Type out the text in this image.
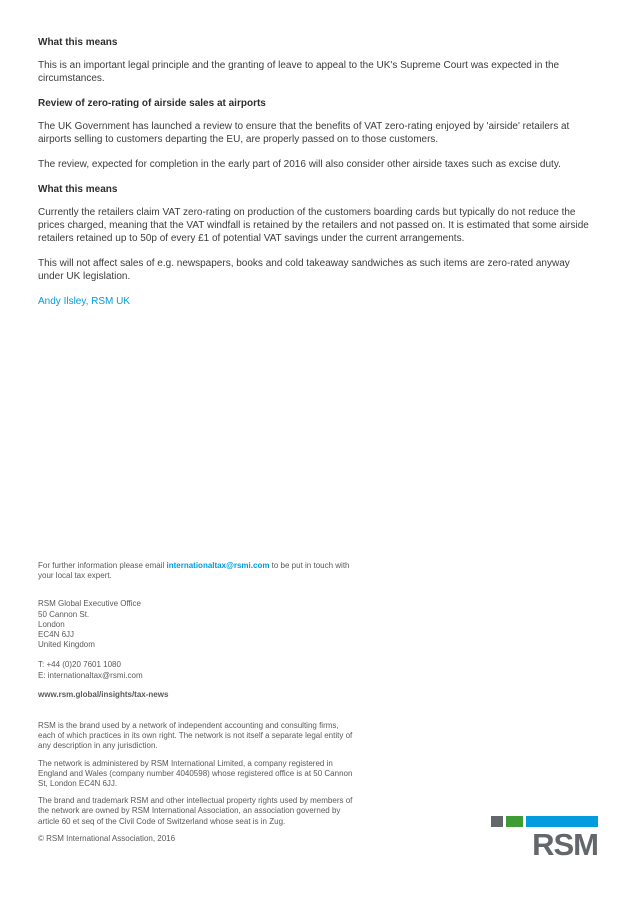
What this means

This is an important legal principle and the granting of leave to appeal to the UK's Supreme Court was expected in the circumstances.

Review of zero-rating of airside sales at airports

The UK Government has launched a review to ensure that the benefits of VAT zero-rating enjoyed by 'airside' retailers at airports selling to customers departing the EU, are properly passed on to those customers.

The review, expected for completion in the early part of 2016 will also consider other airside taxes such as excise duty.

What this means

Currently the retailers claim VAT zero-rating on production of the customers boarding cards but typically do not reduce the prices charged, meaning that the VAT windfall is retained by the retailers and not passed on. It is estimated that some airside retailers retained up to 50p of every £1 of potential VAT savings under the current arrangements.

This will not affect sales of e.g. newspapers, books and cold takeaway sandwiches as such items are zero-rated anyway under UK legislation.

Andy Ilsley, RSM UK

For further information please email internationaltax@rsmi.com to be put in touch with your local tax expert.

RSM Global Executive Office

50 Cannon St.

London

EC4N 6JJ

United Kingdom

T: +44 (0)20 7601 1080

E: internationaltax@rsmi.com

www.rsm.global/insights/tax-news

RSM is the brand used by a network of independent accounting and consulting firms, each of which practices in its own right. The network is not itself a separate legal entity of any description in any jurisdiction.

The network is administered by RSM International Limited, a company registered in England and Wales (company number 4040598) whose registered office is at 50 Cannon St, London EC4N 6JJ.

The brand and trademark RSM and other intellectual property rights used by members of the network are owned by RSM International Association, an association governed by article 60 et seq of the Civil Code of Switzerland whose seat is in Zug.

© RSM International Association, 2016	RSM
